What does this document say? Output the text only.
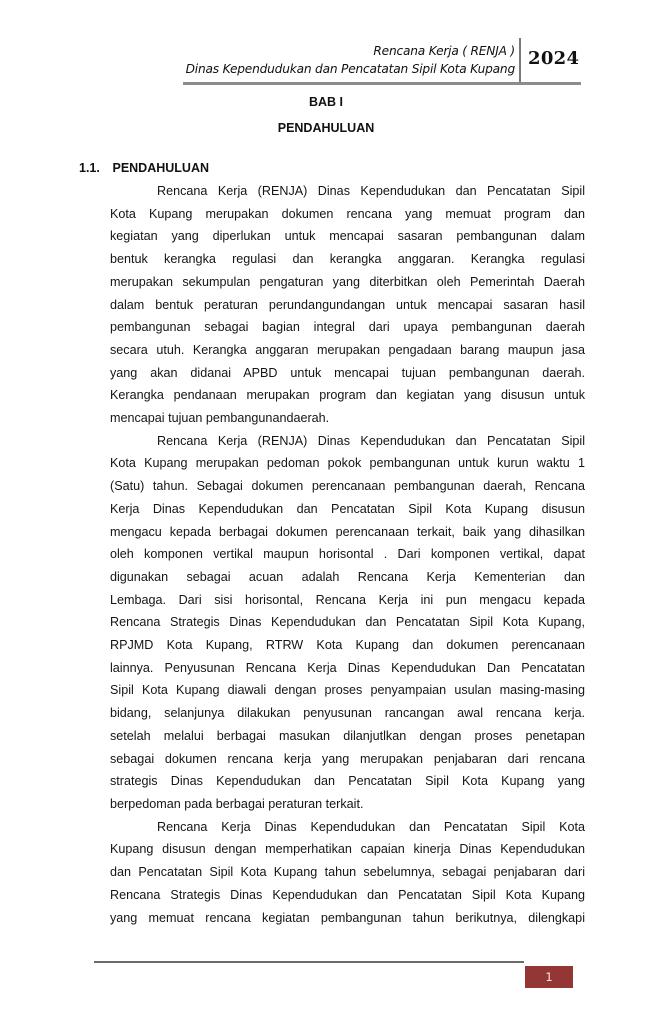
Rencana Kerja ( RENJA )
Dinas Kependudukan dan Pencatatan Sipil Kota Kupang 2024
BAB I
PENDAHULUAN
1.1. PENDAHULUAN
Rencana Kerja (RENJA) Dinas Kependudukan dan Pencatatan Sipil
Kota Kupang merupakan dokumen rencana yang memuat program dan
kegiatan yang diperlukan untuk mencapai sasaran pembangunan dalam
bentuk kerangka regulasi dan kerangka anggaran. Kerangka regulasi
merupakan sekumpulan pengaturan yang diterbitkan oleh Pemerintah Daerah
dalam bentuk peraturan perundangundangan untuk mencapai sasaran hasil
pembangunan sebagai bagian integral dari upaya pembangunan daerah
secara utuh. Kerangka anggaran merupakan pengadaan barang maupun jasa
yang akan didanai APBD untuk mencapai tujuan pembangunan daerah.
Kerangka pendanaan merupakan program dan kegiatan yang disusun untuk
mencapai tujuan pembangunandaerah.
Rencana Kerja (RENJA) Dinas Kependudukan dan Pencatatan Sipil
Kota Kupang merupakan pedoman pokok pembangunan untuk kurun waktu 1
(Satu) tahun. Sebagai dokumen perencanaan pembangunan daerah, Rencana
Kerja Dinas Kependudukan dan Pencatatan Sipil Kota Kupang disusun
mengacu kepada berbagai dokumen perencanaan terkait, baik yang dihasilkan
oleh komponen vertikal maupun horisontal . Dari komponen vertikal, dapat
digunakan sebagai acuan adalah Rencana Kerja Kementerian dan
Lembaga. Dari sisi horisontal, Rencana Kerja ini pun mengacu kepada
Rencana Strategis Dinas Kependudukan dan Pencatatan Sipil Kota Kupang,
RPJMD Kota Kupang, RTRW Kota Kupang dan dokumen perencanaan
lainnya. Penyusunan Rencana Kerja Dinas Kependudukan Dan Pencatatan
Sipil Kota Kupang diawali dengan proses penyampaian usulan masing-masing
bidang, selanjunya dilakukan penyusunan rancangan awal rencana kerja.
setelah melalui berbagai masukan dilanjutlkan dengan proses penetapan
sebagai dokumen rencana kerja yang merupakan penjabaran dari rencana
strategis Dinas Kependudukan dan Pencatatan Sipil Kota Kupang yang
berpedoman pada berbagai peraturan terkait.
Rencana Kerja Dinas Kependudukan dan Pencatatan Sipil Kota
Kupang disusun dengan memperhatikan capaian kinerja Dinas Kependudukan
dan Pencatatan Sipil Kota Kupang tahun sebelumnya, sebagai penjabaran dari
Rencana Strategis Dinas Kependudukan dan Pencatatan Sipil Kota Kupang
yang memuat rencana kegiatan pembangunan tahun berikutnya, dilengkapi
1
